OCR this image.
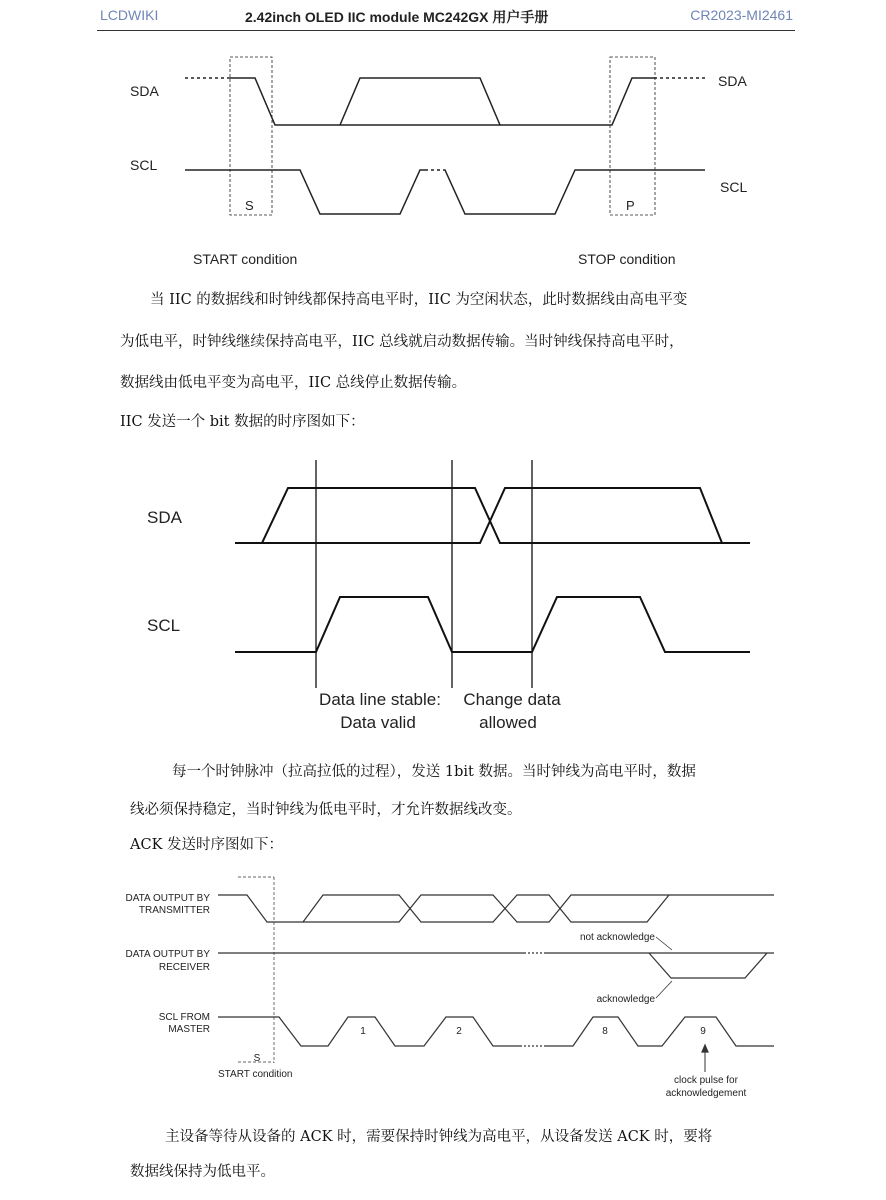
LCDWIKI	2.42inch OLED IIC module MC242GX 用户手册	CR2023-MI2461
SDA
SDA
SCL
SCL
S	P
START condition	STOP condition
SDA
SCL
Data line stable:
Data valid
Change data
allowed
DATA OUTPUT BY
TRANSMITTER
DATA OUTPUT BY
RECEIVER
SCL FROM
MASTER
not acknowledge
acknowledge
1	2	8	9
S
clock pulse for
acknowledgement
START condition
当 IIC 的数据线和时钟线都保持高电平时，IIC 为空闲状态，此时数据线由高电平变
为低电平，时钟线继续保持高电平，IIC 总线就启动数据传输。当时钟线保持高电平时，
数据线由低电平变为高电平，IIC 总线停止数据传输。
IIC 发送一个 bit 数据的时序图如下：
每一个时钟脉冲（拉高拉低的过程），发送 1bit 数据。当时钟线为高电平时，数据
线必须保持稳定，当时钟线为低电平时，才允许数据线改变。
ACK 发送时序图如下：
主设备等待从设备的 ACK 时，需要保持时钟线为高电平，从设备发送 ACK 时，要将
数据线保持为低电平。
